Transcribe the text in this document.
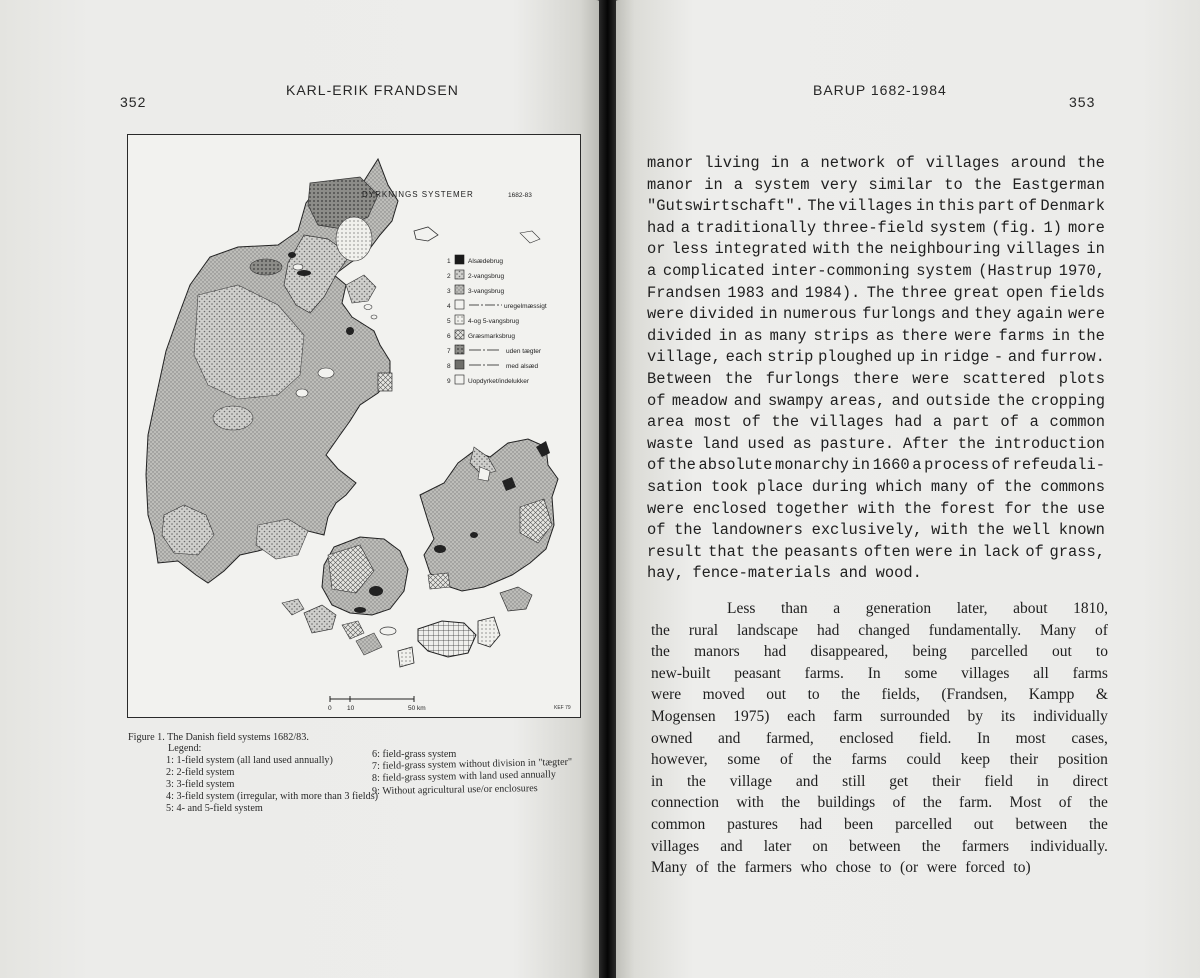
352
KARL-ERIK FRANDSEN	BARUP 1682-1984
353
DYRKNINGS SYSTEMER	1682-83
1	Alsædebrug
2	2-vangsbrug
3	3-vangsbrug
4	uregelmæssigt
5	4-og 5-vangsbrug
6	Græsmarksbrug
7	uden tægter
8	med alsæd
9	Uopdyrket/indelukker
0 10	50 km	KEF 79
Figure 1. The Danish field systems 1682/83.
Legend:
1: 1-field system (all land used annually)
2: 2-field system
3: 3-field system
4: 3-field system (irregular, with more than 3 fields)
5: 4- and 5-field system
6: field-grass system
7: field-grass system without division in "tægter"
8: field-grass system with land used annually
9: Without agricultural use/or enclosures
manor living in a network of villages around the
manor in a system very similar to the Eastgerman
"Gutswirtschaft". The villages in this part of Denmark
had a traditionally three-field system (fig. 1) more
or less integrated with the neighbouring villages in
a complicated inter-commoning system (Hastrup 1970,
Frandsen 1983 and 1984). The three great open fields
were divided in numerous furlongs and they again were
divided in as many strips as there were farms in the
village, each strip ploughed up in ridge - and furrow.
Between the furlongs there were scattered plots
of meadow and swampy areas, and outside the cropping
area most of the villages had a part of a common
waste land used as pasture. After the introduction
of the absolute monarchy in 1660 a process of refeudali-
sation took place during which many of the commons
were enclosed together with the forest for the use
of the landowners exclusively, with the well known
result that the peasants often were in lack of grass,
hay, fence-materials and wood.
Less than a generation later, about 1810,
the rural landscape had changed fundamentally. Many of
the manors had disappeared, being parcelled out to
new-built peasant farms. In some villages all farms
were moved out to the fields, (Frandsen, Kampp &
Mogensen 1975) each farm surrounded by its individually
owned and farmed, enclosed field. In most cases,
however, some of the farms could keep their position
in the village and still get their field in direct
connection with the buildings of the farm. Most of the
common pastures had been parcelled out between the
villages and later on between the farmers individually.
Many of the farmers who chose to (or were forced to)
